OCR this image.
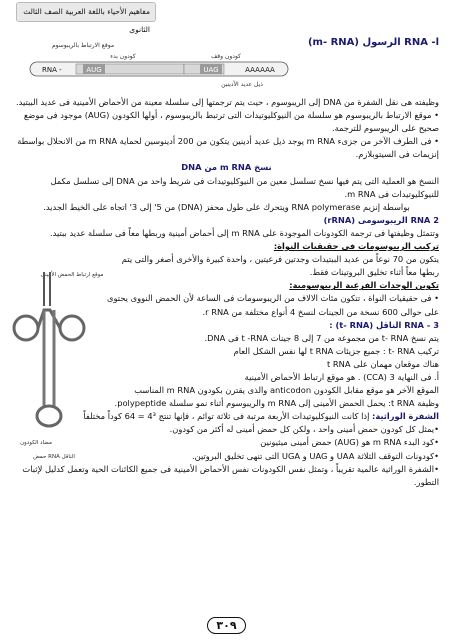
مفاهيم الأحياء باللغة العربية الصف الثالث الثانوى
ا- RNA الرسول (m- RNA)
موقع الارتباط بالريبوسوم
كودون بدء	كودون وقف
RNA -	AUG	UAG	AAAAAA
ذيل عديد الأدينين

وظيفته هى نقل الشفرة من DNA إلى الريبوسوم ، حيث يتم ترجمتها إلى سلسلة معينة من الأحماض الأمينية فى عديد الببتيد.

• موقع الارتباط بالريبوسوم هو سلسلة من النيوكليوتيدات التى ترتبط بالريبوسوم ، أولها الكودون (AUG) موجود فى موضع صحيح على الريبوسوم للترجمة.

• فى الطرف الآخر من جزىء m RNA يوجد ذيل عديد أدينين يتكون من 200 أدينوسين لحماية m RNA من الانحلال بواسطة إنزيمات فى السيتوبلازم.

نسخ m RNA من DNA

النسخ هو العملية التى يتم فيها نسخ تسلسل معين من النيوكليوتيدات فى شريط واحد من DNA إلى تسلسل مكمل للنيوكليوتيدات فى m RNA.

بواسطة إنزيم RNA polymerase ويتحرك على طول محفز (DNA) من 5' إلى 3' اتجاه على الخيط الجديد.

RNA 2 الريبوسومى (rRNA)

وتتمثل وظيفتها فى ترجمة الكودونات الموجودة على m RNA إلى أحماض أمينية وربطها معاً فى سلسلة عديد ببتيد.

تركيب الريبوسومات فى حقيقيات النواة:

يتكون من 70 نوعاً من عديد الببتيدات وجدتين فرعيتين ، واحدة كبيرة والأخرى أصغر والتى يتم ربطها معاً أثناء تخليق البروتينات فقط.

تكوين الوحدات الفرعية الريبوسومية:

• فى حقيقيات النواة ، تتكون مئات الالاف من الريبوسومات فى الساعة لأن الحمض النووى يحتوى على حوالى 600 نسخة من الجينات لنسخ 4 أنواع مختلفة من r RNA.

3 - RNA الناقل (t- RNA) :

يتم نسخ t- RNA من مجموعة من 7 إلى 8 جينات t -RNA فى DNA.

تركيب t- RNA : جميع جزيئات t RNA لها نفس الشكل العام

هناك موقعان مهمان على t RNA

أ. فى النهاية 3 (CCA) . هو موقع ارتباط الأحماض الأمينية

الموقع الآخر هو موقع مقابل الكودون anticodon والذى يقترن بكودون m RNA المناسب

وظيفة t RNA: يحمل الحمض الأمينى إلى m RNA والريبوسوم أثناء نمو سلسلة polypeptide.

الشفرة الوراثية: إذا كانت النيوكليوتيدات الأربعة مرتبة فى ثلاثة توائم ، فإنها تنتج 4³ = 64 كوداً مختلفاً

•يمثل كل كودون حمض أمينى واحد ، ولكن كل حمض أمينى له أكثر من كودون.

•كود البدء m RNA هو (AUG) حمض أمينى ميثيونين

•كودونات التوقف الثلاثة UAA و UAG و UGA التى تنهى تخليق البروتين.

•الشفرة الوراثية عالمية تقريباً ، وتمثل نفس الكودونات نفس الأحماض الأمينية فى جميع الكائنات الحية وتعمل كدليل لإثبات التطور.

موقع ارتباط الحمض الأمينى
مضاد الكودون
حمض RNA الناقل
٣٠٩
